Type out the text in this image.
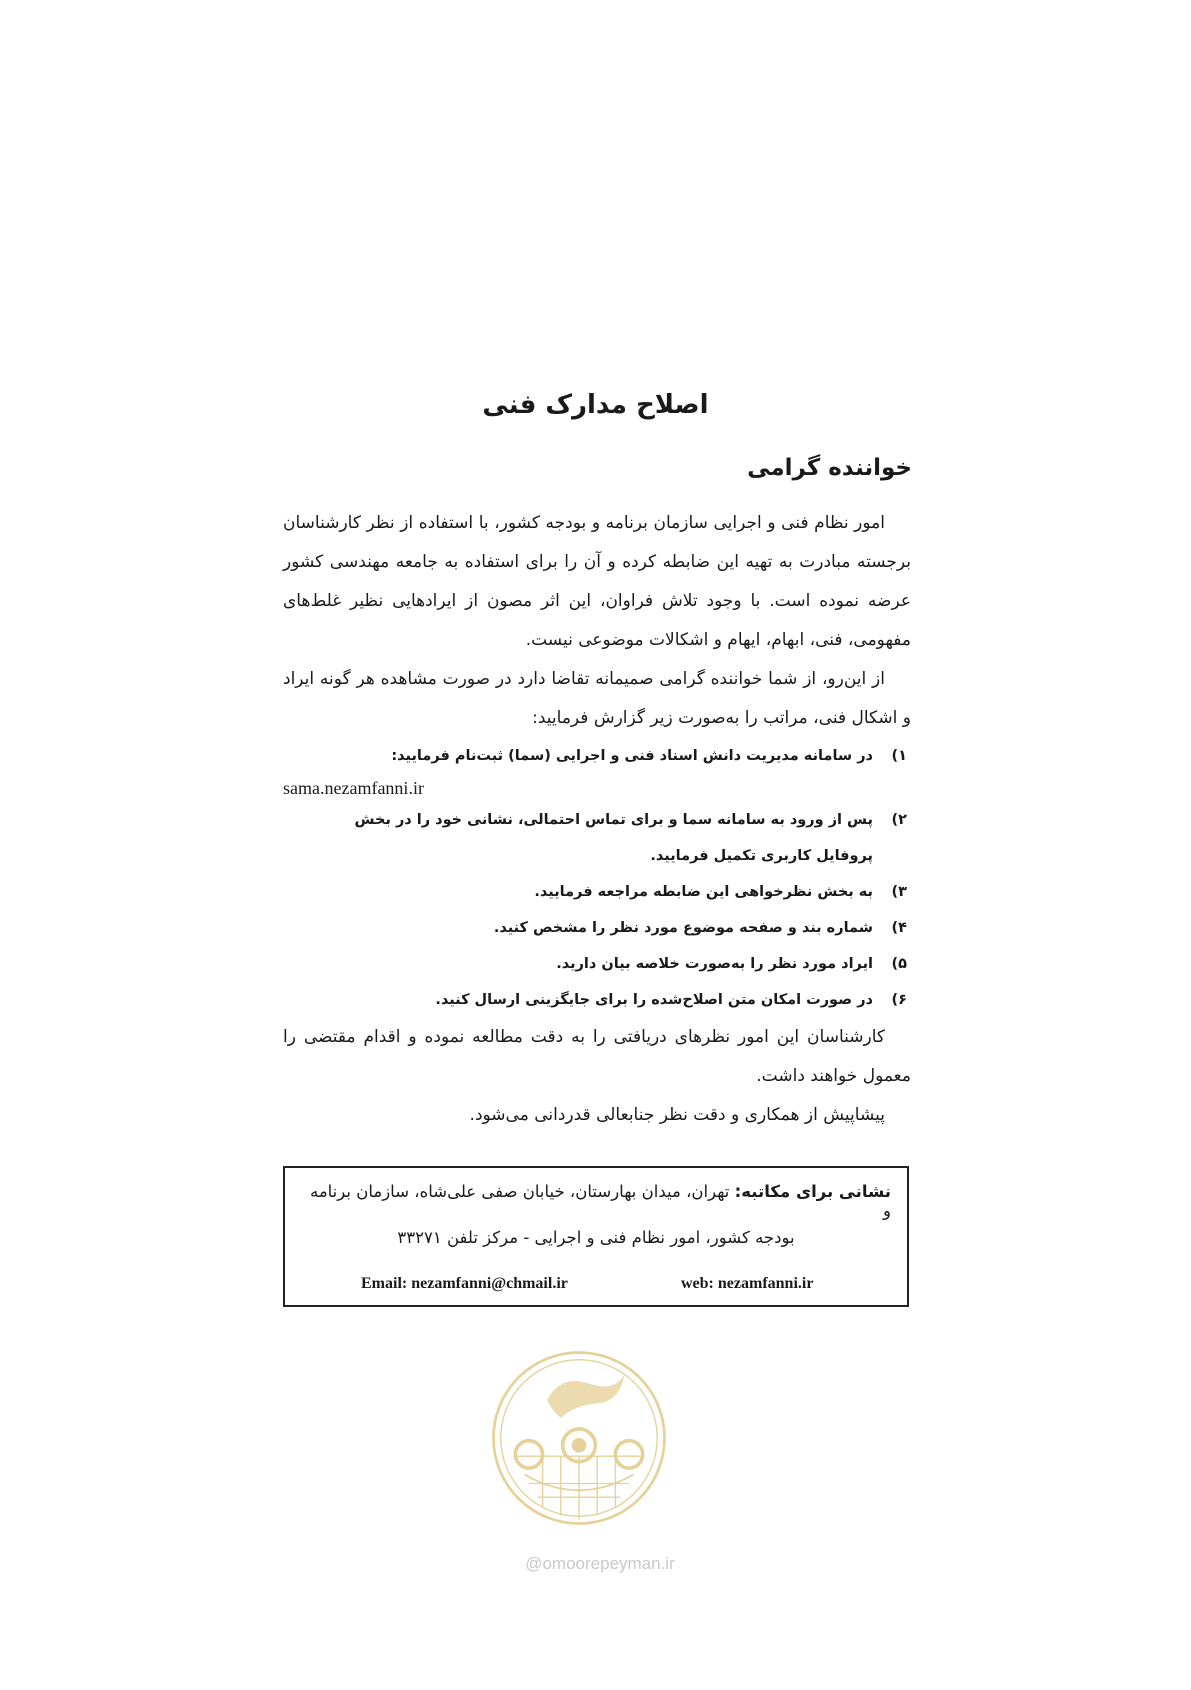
اصلاح مدارک فنی
خواننده گرامی

امور نظام فنی و اجرایی سازمان برنامه و بودجه کشور، با استفاده از نظر کارشناسان برجسته مبادرت به تهیه این ضابطه کرده و آن را برای استفاده به جامعه مهندسی کشور عرضه نموده است. با وجود تلاش فراوان، این اثر مصون از ایرادهایی نظیر غلط‌های مفهومی، فنی، ابهام، ایهام و اشکالات موضوعی نیست.

از این‌رو، از شما خواننده گرامی صمیمانه تقاضا دارد در صورت مشاهده هر گونه ایراد و اشکال فنی، مراتب را به‌صورت زیر گزارش فرمایید:

۱)
در سامانه مدیریت دانش اسناد فنی و اجرایی (سما) ثبت‌نام فرمایید:

sama.nezamfanni.ir

۲)
پس از ورود به سامانه سما و برای تماس احتمالی، نشانی خود را در بخش پروفایل کاربری تکمیل فرمایید.
۳)
به بخش نظرخواهی این ضابطه مراجعه فرمایید.
۴)
شماره بند و صفحه موضوع مورد نظر را مشخص کنید.
۵)
ایراد مورد نظر را به‌صورت خلاصه بیان دارید.
۶)
در صورت امکان متن اصلاح‌شده را برای جایگزینی ارسال کنید.

کارشناسان این امور نظرهای دریافتی را به دقت مطالعه نموده و اقدام مقتضی را معمول خواهند داشت.

پیشاپیش از همکاری و دقت نظر جنابعالی قدردانی می‌شود.

نشانی برای مکاتبه: تهران، میدان بهارستان، خیابان صفی علی‌شاه، سازمان برنامه و
بودجه کشور، امور نظام فنی و اجرایی - مرکز تلفن ۳۳۲۷۱
Email: nezamfanni@chmail.ir	web: nezamfanni.ir
@omoorepeyman.ir
